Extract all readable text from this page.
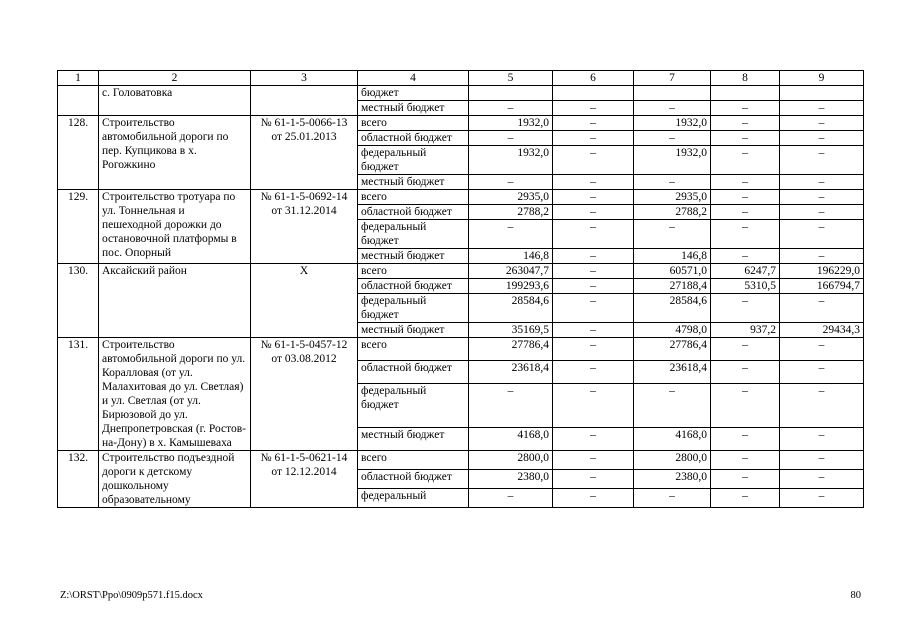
1	2	3	4	5	6	7	8	9
	с. Головатовка		бюджет					
			местный бюджет	–	–	–	–	–
128.	Строительство автомобильной дороги по пер. Купцикова в х. Рогожкино	№ 61-1-5-0066-13 от 25.01.2013	всего	1932,0	–	1932,0	–	–
			областной бюджет	–	–	–	–	–
			федеральный бюджет	1932,0	–	1932,0	–	–
			местный бюджет	–	–	–	–	–
129.	Строительство тротуара по ул. Тоннельная и пешеходной дорожки до остановочной платформы в пос. Опорный	№ 61-1-5-0692-14 от 31.12.2014	всего	2935,0	–	2935,0	–	–
			областной бюджет	2788,2	–	2788,2	–	–
			федеральный бюджет	–	–	–	–	–
			местный бюджет	146,8	–	146,8	–	–
130.	Аксайский район	X	всего	263047,7	–	60571,0	6247,7	196229,0
			областной бюджет	199293,6	–	27188,4	5310,5	166794,7
			федеральный бюджет	28584,6	–	28584,6	–	–
			местный бюджет	35169,5	–	4798,0	937,2	29434,3
131.	Строительство автомобильной дороги по ул. Коралловая (от ул. Малахитовая до ул. Светлая) и ул. Светлая (от ул. Бирюзовой до ул. Днепропетровская (г. Ростов-на-Дону) в х. Камышеваха	№ 61-1-5-0457-12 от 03.08.2012	всего	27786,4	–	27786,4	–	–
			областной бюджет	23618,4	–	23618,4	–	–
			федеральный бюджет	–	–	–	–	–
			местный бюджет	4168,0	–	4168,0	–	–
132.	Строительство подъездной дороги к детскому дошкольному образовательному	№ 61-1-5-0621-14 от 12.12.2014	всего	2800,0	–	2800,0	–	–
			областной бюджет	2380,0	–	2380,0	–	–
			федеральный	–	–	–	–	–
Z:\ORST\Ppo\0909p571.f15.docx	80
